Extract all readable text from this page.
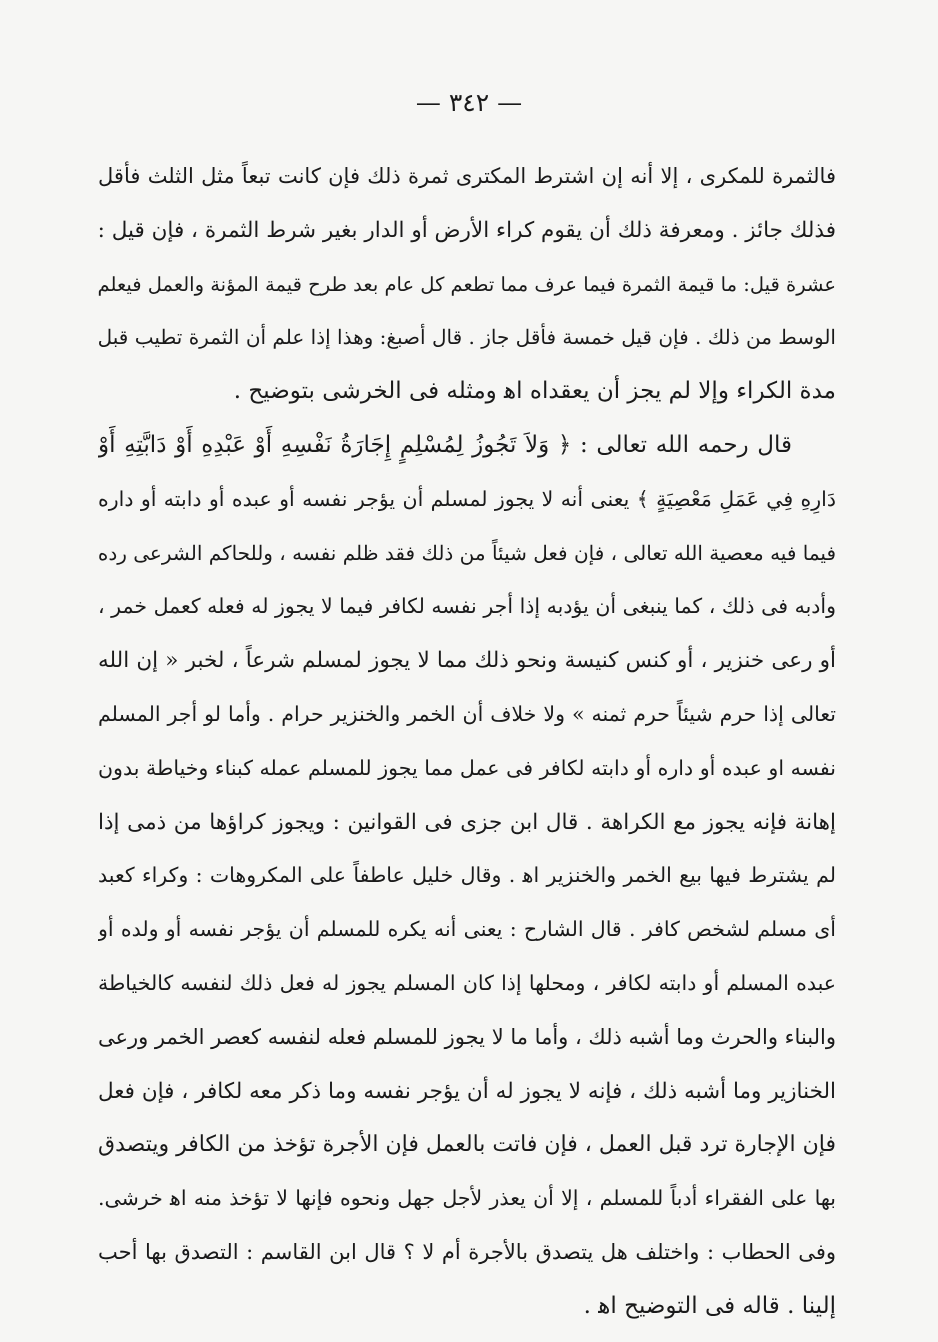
— ٣٤٢ —
فالثمرة للمكرى ، إلا أنه إن اشترط المكترى ثمرة ذلك فإن كانت تبعاً مثل الثلث فأقل
فذلك جائز . ومعرفة ذلك أن يقوم كراء الأرض أو الدار بغير شرط الثمرة ، فإن قيل :
عشرة قيل: ما قيمة الثمرة فيما عرف مما تطعم كل عام بعد طرح قيمة المؤنة والعمل فيعلم
الوسط من ذلك . فإن قيل خمسة فأقل جاز . قال أصبغ: وهذا إذا علم أن الثمرة تطيب قبل
مدة الكراء وإلا لم يجز أن يعقداه اﻫ ومثله فى الخرشى بتوضيح .
قال رحمه الله تعالى : ﴿ وَلاَ تَجُوزُ لِمُسْلِمٍ إِجَارَةُ نَفْسِهِ أَوْ عَبْدِهِ أَوْ دَابَّتِهِ أَوْ
دَارِهِ فِي عَمَلِ مَعْصِيَةٍ ﴾ يعنى أنه لا يجوز لمسلم أن يؤجر نفسه أو عبده أو دابته أو داره
فيما فيه معصية الله تعالى ، فإن فعل شيئاً من ذلك فقد ظلم نفسه ، وللحاكم الشرعى رده
وأدبه فى ذلك ، كما ينبغى أن يؤدبه إذا أجر نفسه لكافر فيما لا يجوز له فعله كعمل خمر ،
أو رعى خنزير ، أو كنس كنيسة ونحو ذلك مما لا يجوز لمسلم شرعاً ، لخبر « إن الله
تعالى إذا حرم شيئاً حرم ثمنه » ولا خلاف أن الخمر والخنزير حرام . وأما لو أجر المسلم
نفسه او عبده أو داره أو دابته لكافر فى عمل مما يجوز للمسلم عمله كبناء وخياطة بدون
إهانة فإنه يجوز مع الكراهة . قال ابن جزى فى القوانين : ويجوز كراؤها من ذمى إذا
لم يشترط فيها بيع الخمر والخنزير اﻫ . وقال خليل عاطفاً على المكروهات : وكراء كعبد
أى مسلم لشخص كافر . قال الشارح : يعنى أنه يكره للمسلم أن يؤجر نفسه أو ولده أو
عبده المسلم أو دابته لكافر ، ومحلها إذا كان المسلم يجوز له فعل ذلك لنفسه كالخياطة
والبناء والحرث وما أشبه ذلك ، وأما ما لا يجوز للمسلم فعله لنفسه كعصر الخمر ورعى
الخنازير وما أشبه ذلك ، فإنه لا يجوز له أن يؤجر نفسه وما ذكر معه لكافر ، فإن فعل
فإن الإجارة ترد قبل العمل ، فإن فاتت بالعمل فإن الأجرة تؤخذ من الكافر ويتصدق
بها على الفقراء أدباً للمسلم ، إلا أن يعذر لأجل جهل ونحوه فإنها لا تؤخذ منه اﻫ خرشى.
وفى الحطاب : واختلف هل يتصدق بالأجرة أم لا ؟ قال ابن القاسم : التصدق بها أحب
إلينا . قاله فى التوضيح اﻫ .
